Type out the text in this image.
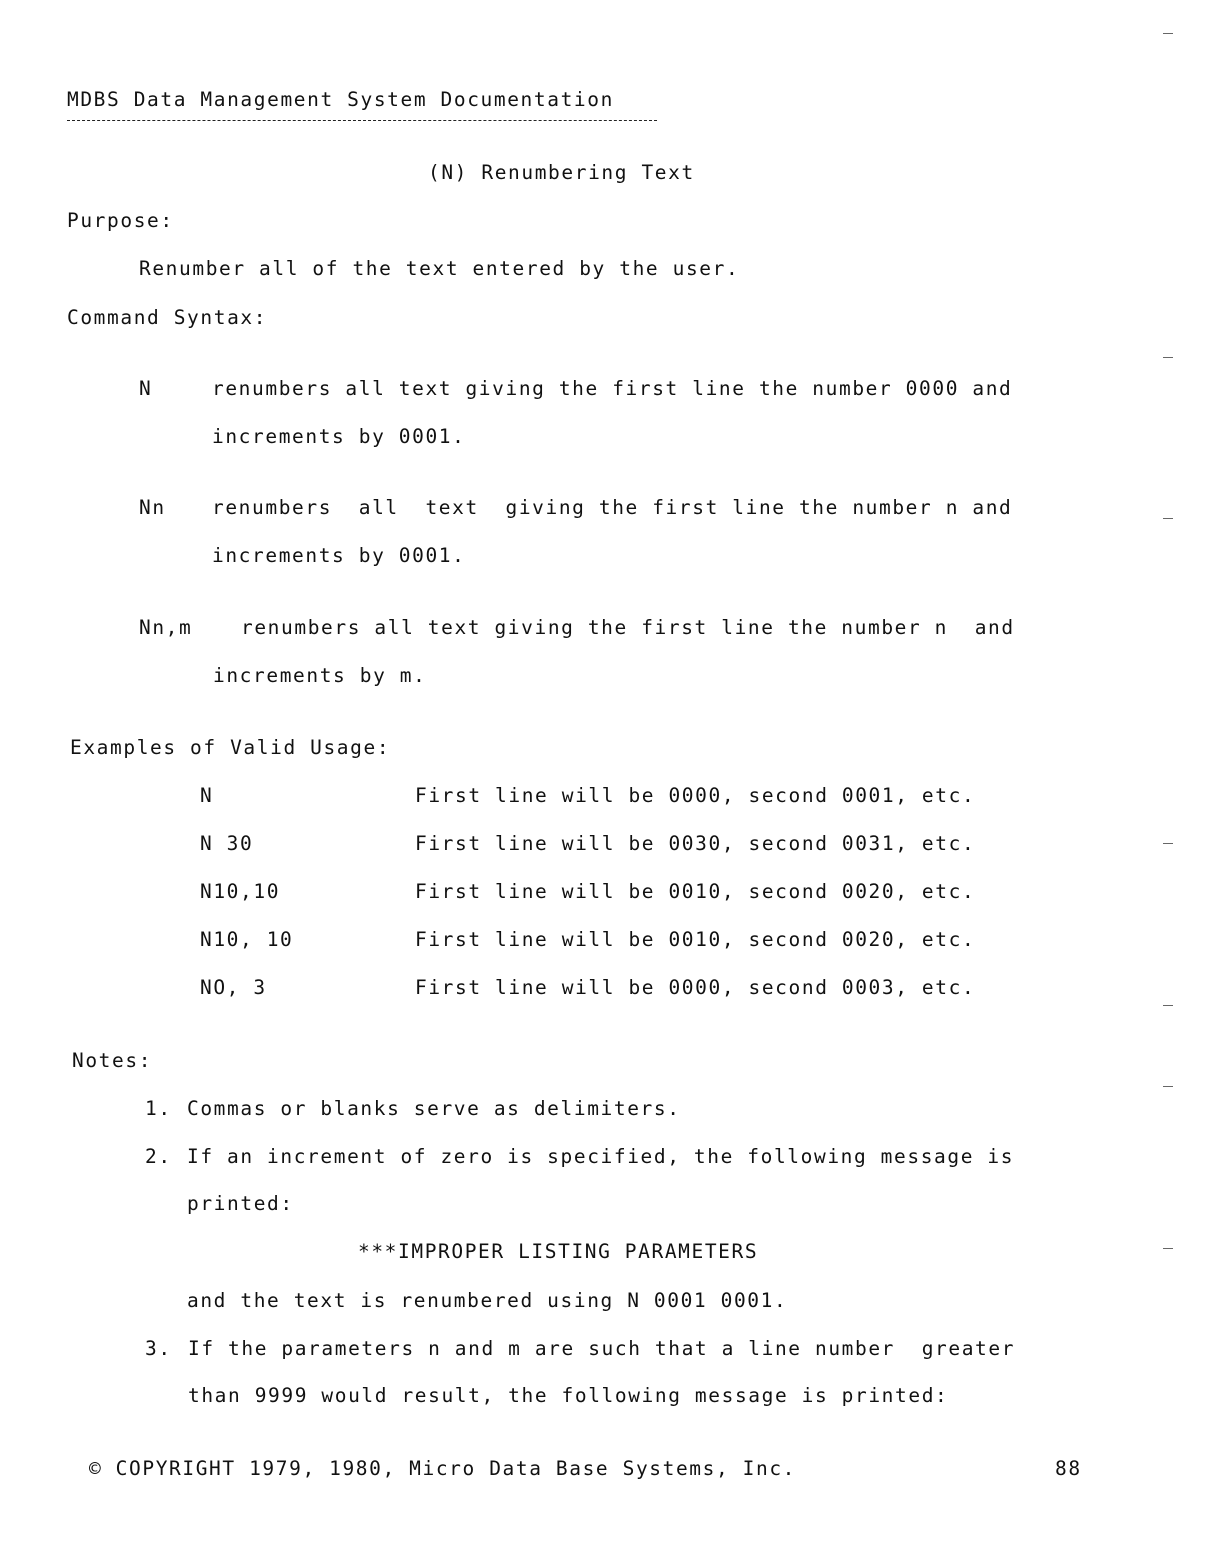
MDBS Data Management System Documentation
(N) Renumbering Text
Purpose:
Renumber all of the text entered by the user.
Command Syntax:
N	renumbers all text giving the first line the number 0000 and
increments by 0001.
Nn renumbers  all  text  giving the first line the number n and
increments by 0001.
Nn,m renumbers all text giving the first line the number n  and
increments by m.
Examples of Valid Usage:
N	First line will be 0000, second 0001, etc.
N 30	First line will be 0030, second 0031, etc.
N10,10	First line will be 0010, second 0020, etc.
N10, 10	First line will be 0010, second 0020, etc.
NO, 3	First line will be 0000, second 0003, etc.
Notes:
1. Commas or blanks serve as delimiters.
2. If an increment of zero is specified, the following message is
printed:
***IMPROPER LISTING PARAMETERS
and the text is renumbered using N 0001 0001.
3. If the parameters n and m are such that a line number  greater
than 9999 would result, the following message is printed:
© COPYRIGHT 1979, 1980, Micro Data Base Systems, Inc.	88
